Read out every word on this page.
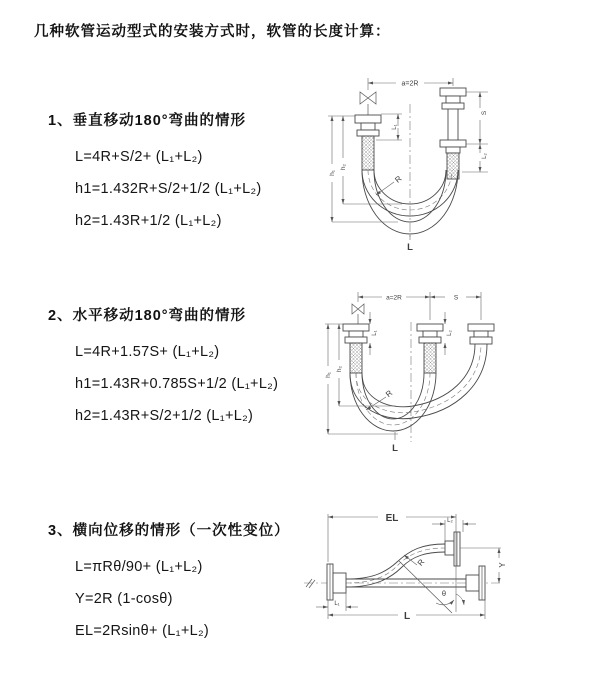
几种软管运动型式的安装方式时，软管的长度计算：
1、垂直移动180°弯曲的情形
L=4R+S/2+ (L₁+L₂)
h1=1.432R+S/2+1/2 (L₁+L₂)
h2=1.43R+1/2 (L₁+L₂)
2、水平移动180°弯曲的情形
L=4R+1.57S+ (L₁+L₂)
h1=1.43R+0.785S+1/2 (L₁+L₂)
h2=1.43R+S/2+1/2 (L₁+L₂)
3、横向位移的情形（一次性变位）
L=πRθ/90+ (L₁+L₂)
Y=2R (1-cosθ)
EL=2Rsinθ+ (L₁+L₂)
a=2R
h₁
h₂
L₁
S
L₂
R
L
a=2R	S
h₁
h₂
L₁	L₂
R
L
EL	L₂
Y
R
θ
L₁
L
